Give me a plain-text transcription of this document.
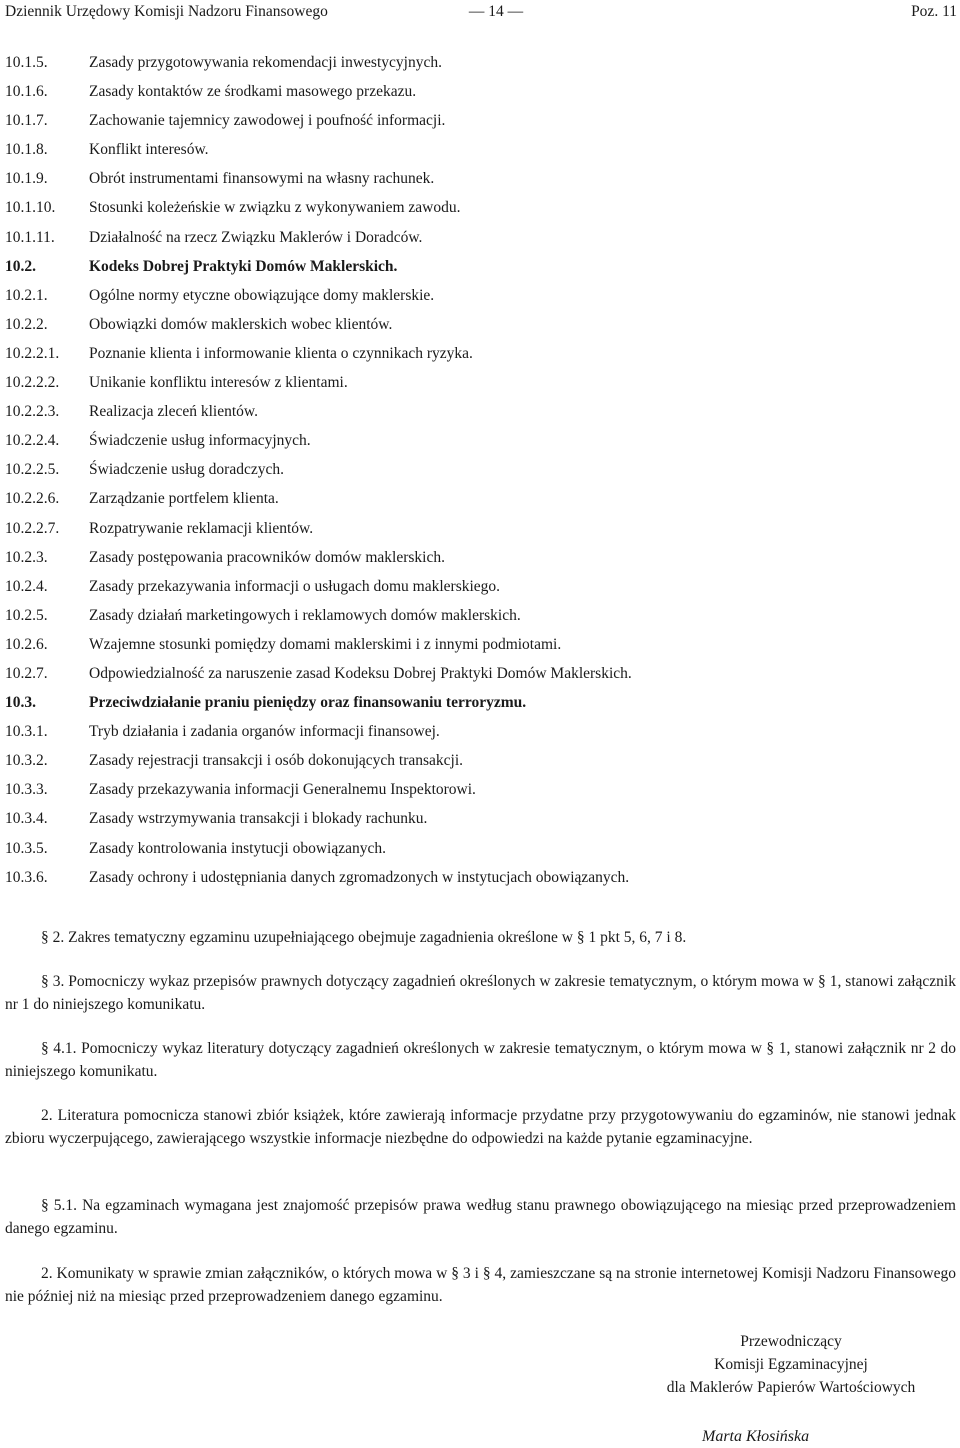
Dziennik Urzędowy Komisji Nadzoru Finansowego	— 14 —	Poz. 11
10.1.5.	Zasady przygotowywania rekomendacji inwestycyjnych.
10.1.6.	Zasady kontaktów ze środkami masowego przekazu.
10.1.7.	Zachowanie tajemnicy zawodowej i poufność informacji.
10.1.8.	Konflikt interesów.
10.1.9.	Obrót instrumentami finansowymi na własny rachunek.
10.1.10. Stosunki koleżeńskie w związku z wykonywaniem zawodu.
10.1.11. Działalność na rzecz Związku Maklerów i Doradców.
10.2.	Kodeks Dobrej Praktyki Domów Maklerskich.
10.2.1.	Ogólne normy etyczne obowiązujące domy maklerskie.
10.2.2.	Obowiązki domów maklerskich wobec klientów.
10.2.2.1. Poznanie klienta i informowanie klienta o czynnikach ryzyka.
10.2.2.2. Unikanie konfliktu interesów z klientami.
10.2.2.3. Realizacja zleceń klientów.
10.2.2.4. Świadczenie usług informacyjnych.
10.2.2.5. Świadczenie usług doradczych.
10.2.2.6. Zarządzanie portfelem klienta.
10.2.2.7. Rozpatrywanie reklamacji klientów.
10.2.3.	Zasady postępowania pracowników domów maklerskich.
10.2.4.	Zasady przekazywania informacji o usługach domu maklerskiego.
10.2.5.	Zasady działań marketingowych i reklamowych domów maklerskich.
10.2.6.	Wzajemne stosunki pomiędzy domami maklerskimi i z innymi podmiotami.
10.2.7.	Odpowiedzialność za naruszenie zasad Kodeksu Dobrej Praktyki Domów Maklerskich.
10.3.	Przeciwdziałanie praniu pieniędzy oraz finansowaniu terroryzmu.
10.3.1.	Tryb działania i zadania organów informacji finansowej.
10.3.2.	Zasady rejestracji transakcji i osób dokonujących transakcji.
10.3.3.	Zasady przekazywania informacji Generalnemu Inspektorowi.
10.3.4.	Zasady wstrzymywania transakcji i blokady rachunku.
10.3.5.	Zasady kontrolowania instytucji obowiązanych.
10.3.6.	Zasady ochrony i udostępniania danych zgromadzonych w instytucjach obowiązanych.

§ 2. Zakres tematyczny egzaminu uzupełniającego obejmuje zagadnienia określone w § 1 pkt 5, 6, 7 i 8.

§ 3. Pomocniczy wykaz przepisów prawnych dotyczący zagadnień określonych w zakresie tematycznym, o którym mowa w § 1, stanowi załącznik nr 1 do niniejszego komunikatu.

§ 4.1. Pomocniczy wykaz literatury dotyczący zagadnień określonych w zakresie tematycznym, o którym mowa w § 1, stanowi załącznik nr 2 do niniejszego komunikatu.

2. Literatura pomocnicza stanowi zbiór książek, które zawierają informacje przydatne przy przygotowywaniu do egzaminów, nie stanowi jednak zbioru wyczerpującego, zawierającego wszystkie informacje niezbędne do odpowiedzi na każde pytanie egzaminacyjne.

§ 5.1. Na egzaminach wymagana jest znajomość przepisów prawa według stanu prawnego obowiązującego na miesiąc przed przeprowadzeniem danego egzaminu.

2. Komunikaty w sprawie zmian załączników, o których mowa w § 3 i § 4, zamieszczane są na stronie internetowej Komisji Nadzoru Finansowego nie później niż na miesiąc przed przeprowadzeniem danego egzaminu.

Przewodniczący
Komisji Egzaminacyjnej
dla Maklerów Papierów Wartościowych
Marta Kłosińska
